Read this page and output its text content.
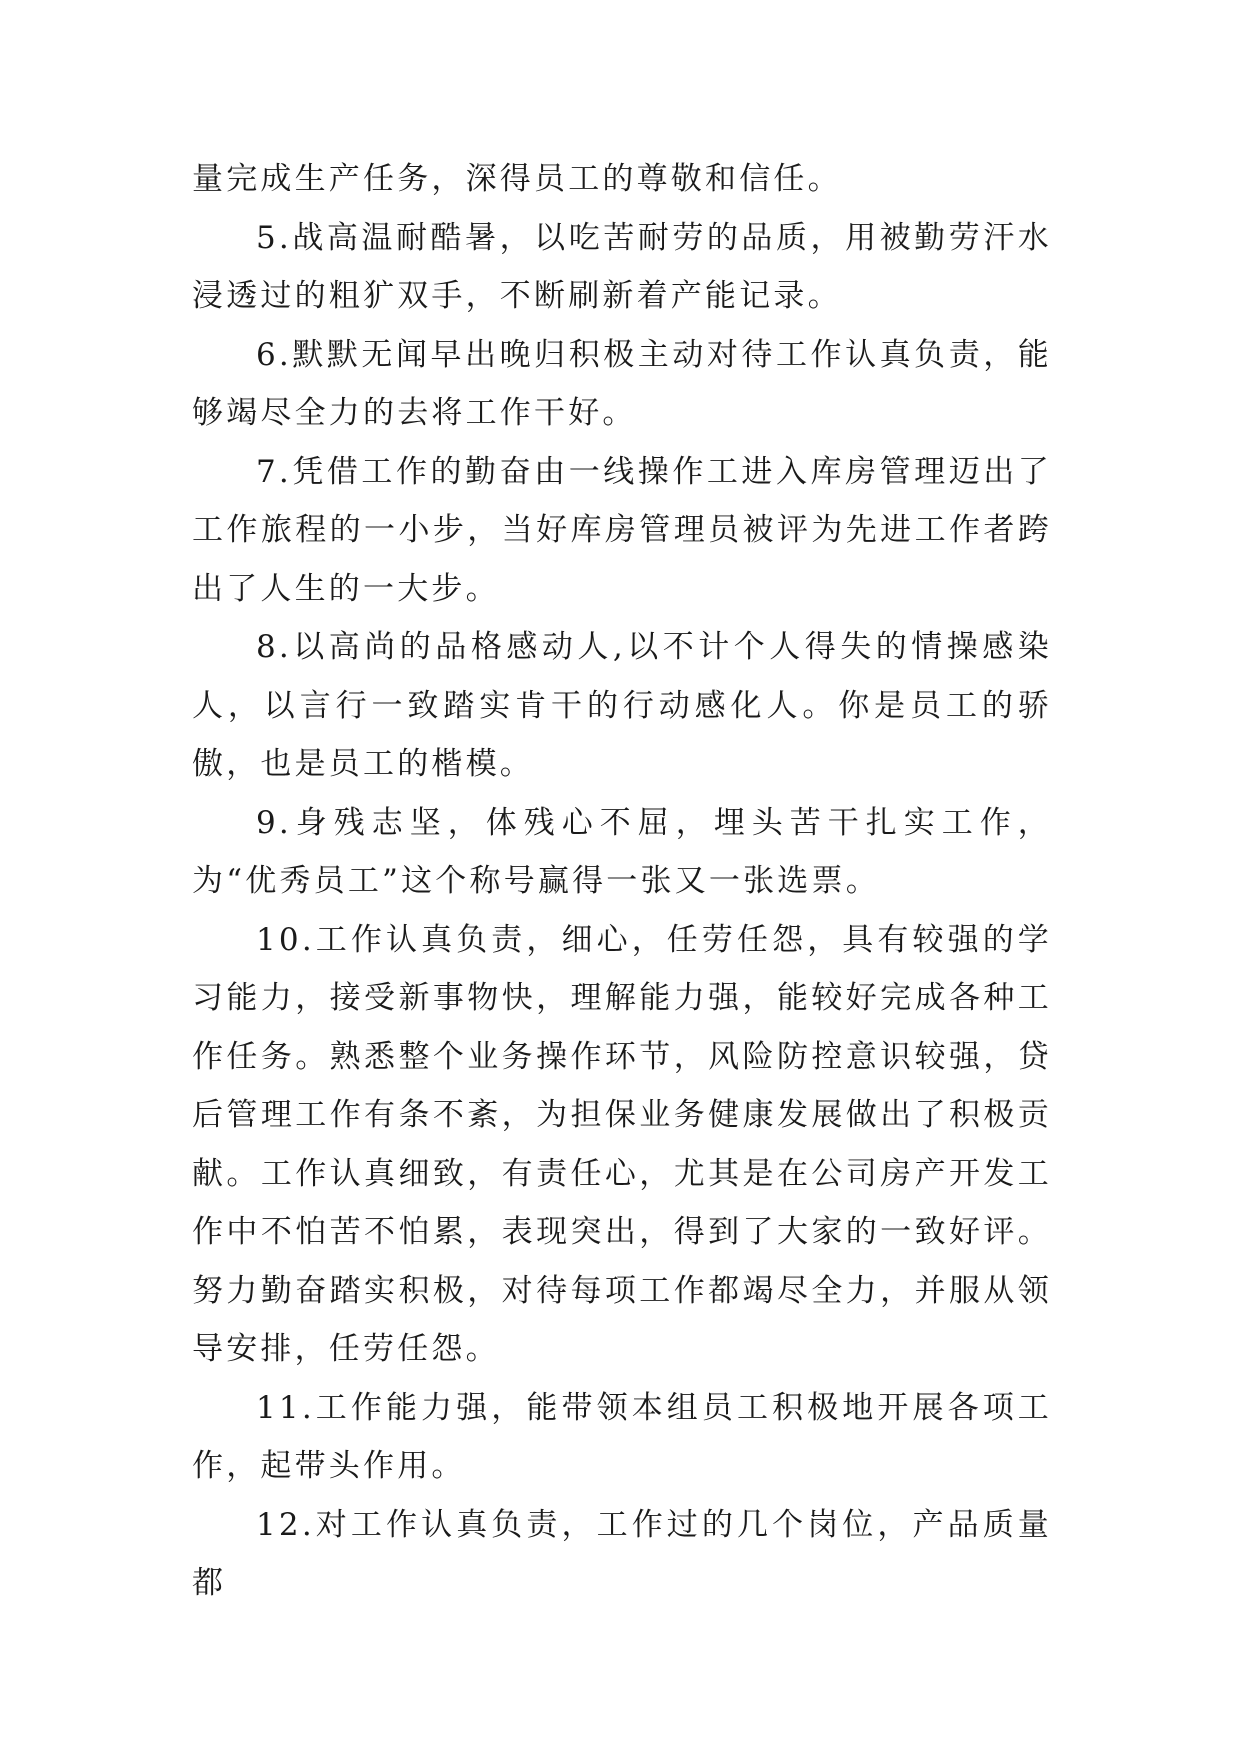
量完成生产任务，深得员工的尊敬和信任。

5.战高温耐酷暑，以吃苦耐劳的品质，用被勤劳汗水浸透过的粗犷双手，不断刷新着产能记录。

6.默默无闻早出晚归积极主动对待工作认真负责，能够竭尽全力的去将工作干好。

7.凭借工作的勤奋由一线操作工进入库房管理迈出了工作旅程的一小步，当好库房管理员被评为先进工作者跨出了人生的一大步。

8.以高尚的品格感动人,以不计个人得失的情操感染人，以言行一致踏实肯干的行动感化人。你是员工的骄傲，也是员工的楷模。

9.身残志坚，体残心不屈，埋头苦干扎实工作，为“优秀员工”这个称号赢得一张又一张选票。

10.工作认真负责，细心，任劳任怨，具有较强的学习能力，接受新事物快，理解能力强，能较好完成各种工作任务。熟悉整个业务操作环节，风险防控意识较强，贷后管理工作有条不紊，为担保业务健康发展做出了积极贡献。工作认真细致，有责任心，尤其是在公司房产开发工作中不怕苦不怕累，表现突出，得到了大家的一致好评。努力勤奋踏实积极，对待每项工作都竭尽全力，并服从领导安排，任劳任怨。

11.工作能力强，能带领本组员工积极地开展各项工作，起带头作用。

12.对工作认真负责，工作过的几个岗位，产品质量都
